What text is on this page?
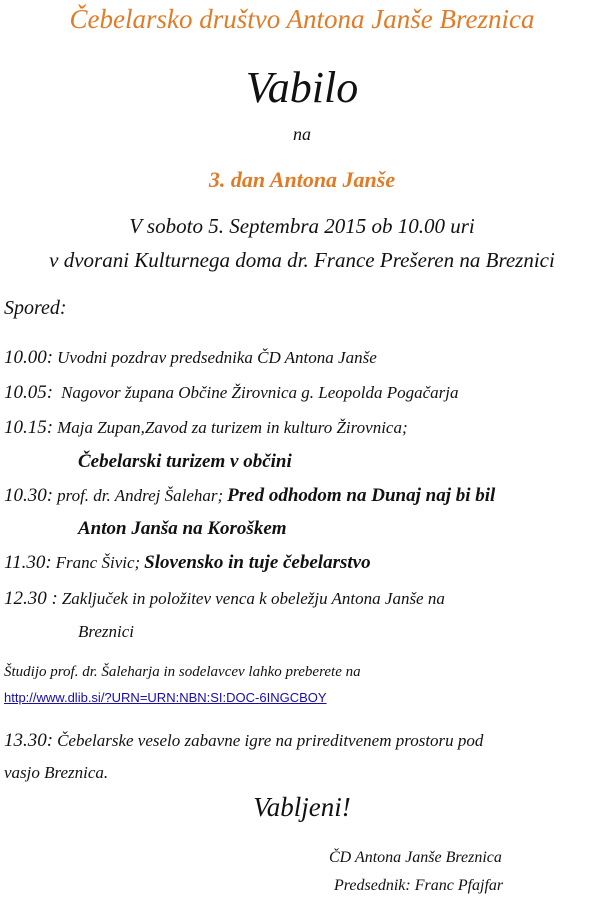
Čebelarsko društvo Antona Janše Breznica
Vabilo
na
3. dan Antona Janše
V soboto 5. Septembra 2015 ob 10.00 uri
v dvorani Kulturnega doma dr. France Prešeren na Breznici
Spored:
10.00: Uvodni pozdrav predsednika ČD Antona Janše
10.05: Nagovor župana Občine Žirovnica g. Leopolda Pogačarja
10.15: Maja Zupan,Zavod za turizem in kulturo Žirovnica;
Čebelarski turizem v občini
10.30: prof. dr. Andrej Šalehar; Pred odhodom na Dunaj naj bi bil
Anton Janša na Koroškem
11.30: Franc Šivic; Slovensko in tuje čebelarstvo
12.30 : Zaključek in položitev venca k obeležju Antona Janše na
Breznici
Študijo prof. dr. Šaleharja in sodelavcev lahko preberete na
http://www.dlib.si/?URN=URN:NBN:SI:DOC-6INGCBOY
13.30: Čebelarske veselo zabavne igre na prireditvenem prostoru pod
vasjo Breznica.
Vabljeni!
ČD Antona Janše Breznica
Predsednik: Franc Pfajfar
